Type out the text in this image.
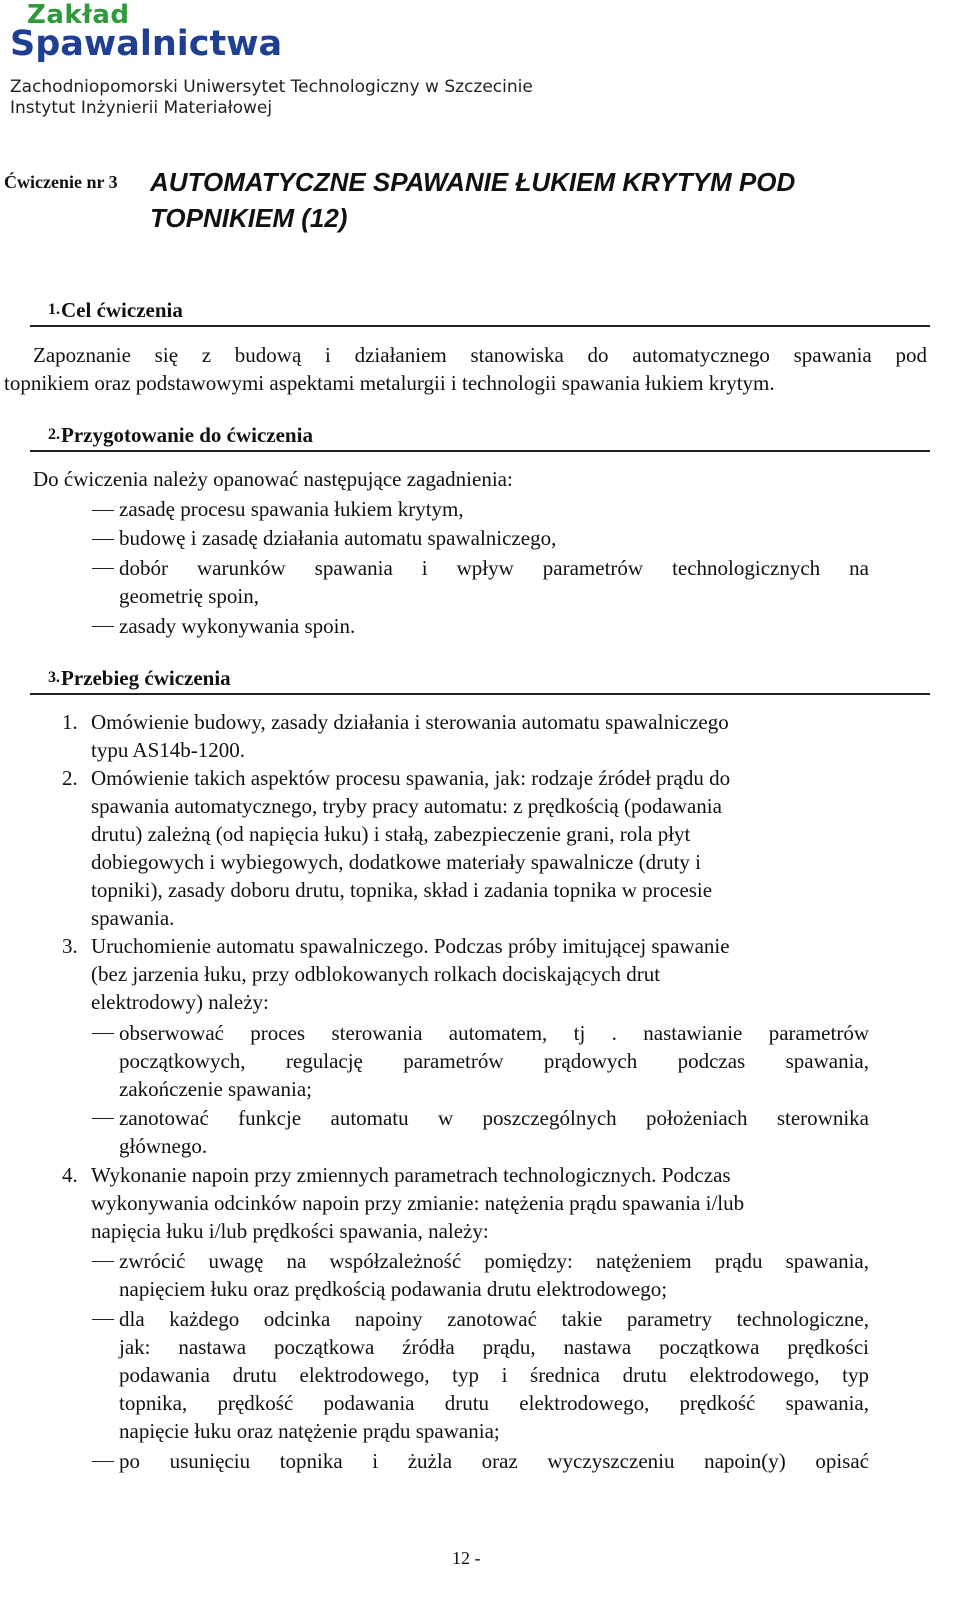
Zakład
Spawalnictwa
Zachodniopomorski Uniwersytet Technologiczny w Szczecinie
Instytut Inżynierii Materiałowej
Ćwiczenie nr 3 AUTOMATYCZNE SPAWANIE ŁUKIEM KRYTYM POD
TOPNIKIEM (12)
1. Cel ćwiczenia
Zapoznanie się z budową i działaniem stanowiska do automatycznego spawania pod
topnikiem oraz podstawowymi aspektami metalurgii i technologii spawania łukiem krytym.
2. Przygotowanie do ćwiczenia
Do ćwiczenia należy opanować następujące zagadnienia:
zasadę procesu spawania łukiem krytym,
budowę i zasadę działania automatu spawalniczego,
dobór warunków spawania i wpływ parametrów technologicznych na
geometrię spoin,
zasady wykonywania spoin.
3. Przebieg ćwiczenia
1. Omówienie budowy, zasady działania i sterowania automatu spawalniczego
typu AS14b-1200.
2. Omówienie takich aspektów procesu spawania, jak: rodzaje źródeł prądu do
spawania automatycznego, tryby pracy automatu: z prędkością (podawania
drutu) zależną (od napięcia łuku) i stałą, zabezpieczenie grani, rola płyt
dobiegowych i wybiegowych, dodatkowe materiały spawalnicze (druty i
topniki), zasady doboru drutu, topnika, skład i zadania topnika w procesie
spawania.
3. Uruchomienie automatu spawalniczego. Podczas próby imitującej spawanie
(bez jarzenia łuku, przy odblokowanych rolkach dociskających drut
elektrodowy) należy:
obserwować proces sterowania automatem, tj . nastawianie parametrów
początkowych, regulację parametrów prądowych podczas spawania,
zakończenie spawania;
zanotować funkcje automatu w poszczególnych położeniach sterownika
głównego.
4. Wykonanie napoin przy zmiennych parametrach technologicznych. Podczas
wykonywania odcinków napoin przy zmianie: natężenia prądu spawania i/lub
napięcia łuku i/lub prędkości spawania, należy:
zwrócić uwagę na współzależność pomiędzy: natężeniem prądu spawania,
napięciem łuku oraz prędkością podawania drutu elektrodowego;
dla każdego odcinka napoiny zanotować takie parametry technologiczne,
jak: nastawa początkowa źródła prądu, nastawa początkowa prędkości
podawania drutu elektrodowego, typ i średnica drutu elektrodowego, typ
topnika, prędkość podawania drutu elektrodowego, prędkość spawania,
napięcie łuku oraz natężenie prądu spawania;
po usunięciu topnika i żużla oraz wyczyszczeniu napoin(y) opisać
12 -
